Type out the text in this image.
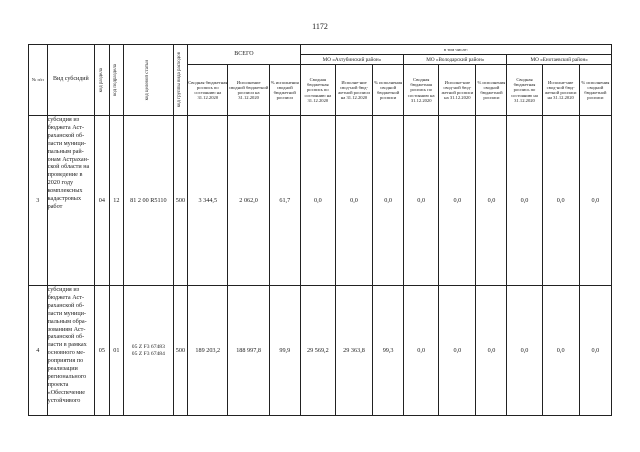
1172
№ п/п	Вид субсидий	код раздела	код подраздела	код целевой статьи	код группы вида расходов	ВСЕГО			в том числе:								
									МО «Ахтубинский район»			МО «Володарский район»			МО «Енотаевский район»		
						Сводная бюджетная роспись по состоянию на 31.12.2020	Исполнение сводной бюджетной росписи на 31.12.2020	% исполнения сводной бюджетной росписи	Сводная бюджетная роспись по состоянию на 31.12.2020	Исполне-ние свод-ной бюд-жетной росписи на 31.12.2020	% исполнения сводной бюджетной росписи	Сводная бюджетная роспись по состоянию на 31.12.2020	Исполне-ние свод-ной бюд-жетной росписи на 31.12.2020	% исполнения сводной бюджетной росписи	Сводная бюджетная роспись по состоянию на 31.12.2020	Исполне-ние свод-ной бюд-жетной росписи на 31.12.2020	% исполнения сводной бюджетной росписи
3	субсидия из бюджета Аст-раханской об-ласти муници-пальным рай-онам Астрахан-ской области на проведение в 2020 году комплексных кадастровых работ	04	12	81 2 00 R5110	500	3 344,5	2 062,0	61,7	0,0	0,0	0,0	0,0	0,0	0,0	0,0	0,0	0,0
4	субсидия из бюджета Аст-раханской об-ласти муници-пальным обра-зованиям Аст-раханской об-ласти в рамках основного ме-роприятия по реализации регионального проекта «Обеспечение устойчивого	05	01	05 Z F3 67483
05 Z F3 67484	500	189 203,2	188 997,8	99,9	29 569,2	29 363,8	99,3	0,0	0,0	0,0	0,0	0,0	0,0
